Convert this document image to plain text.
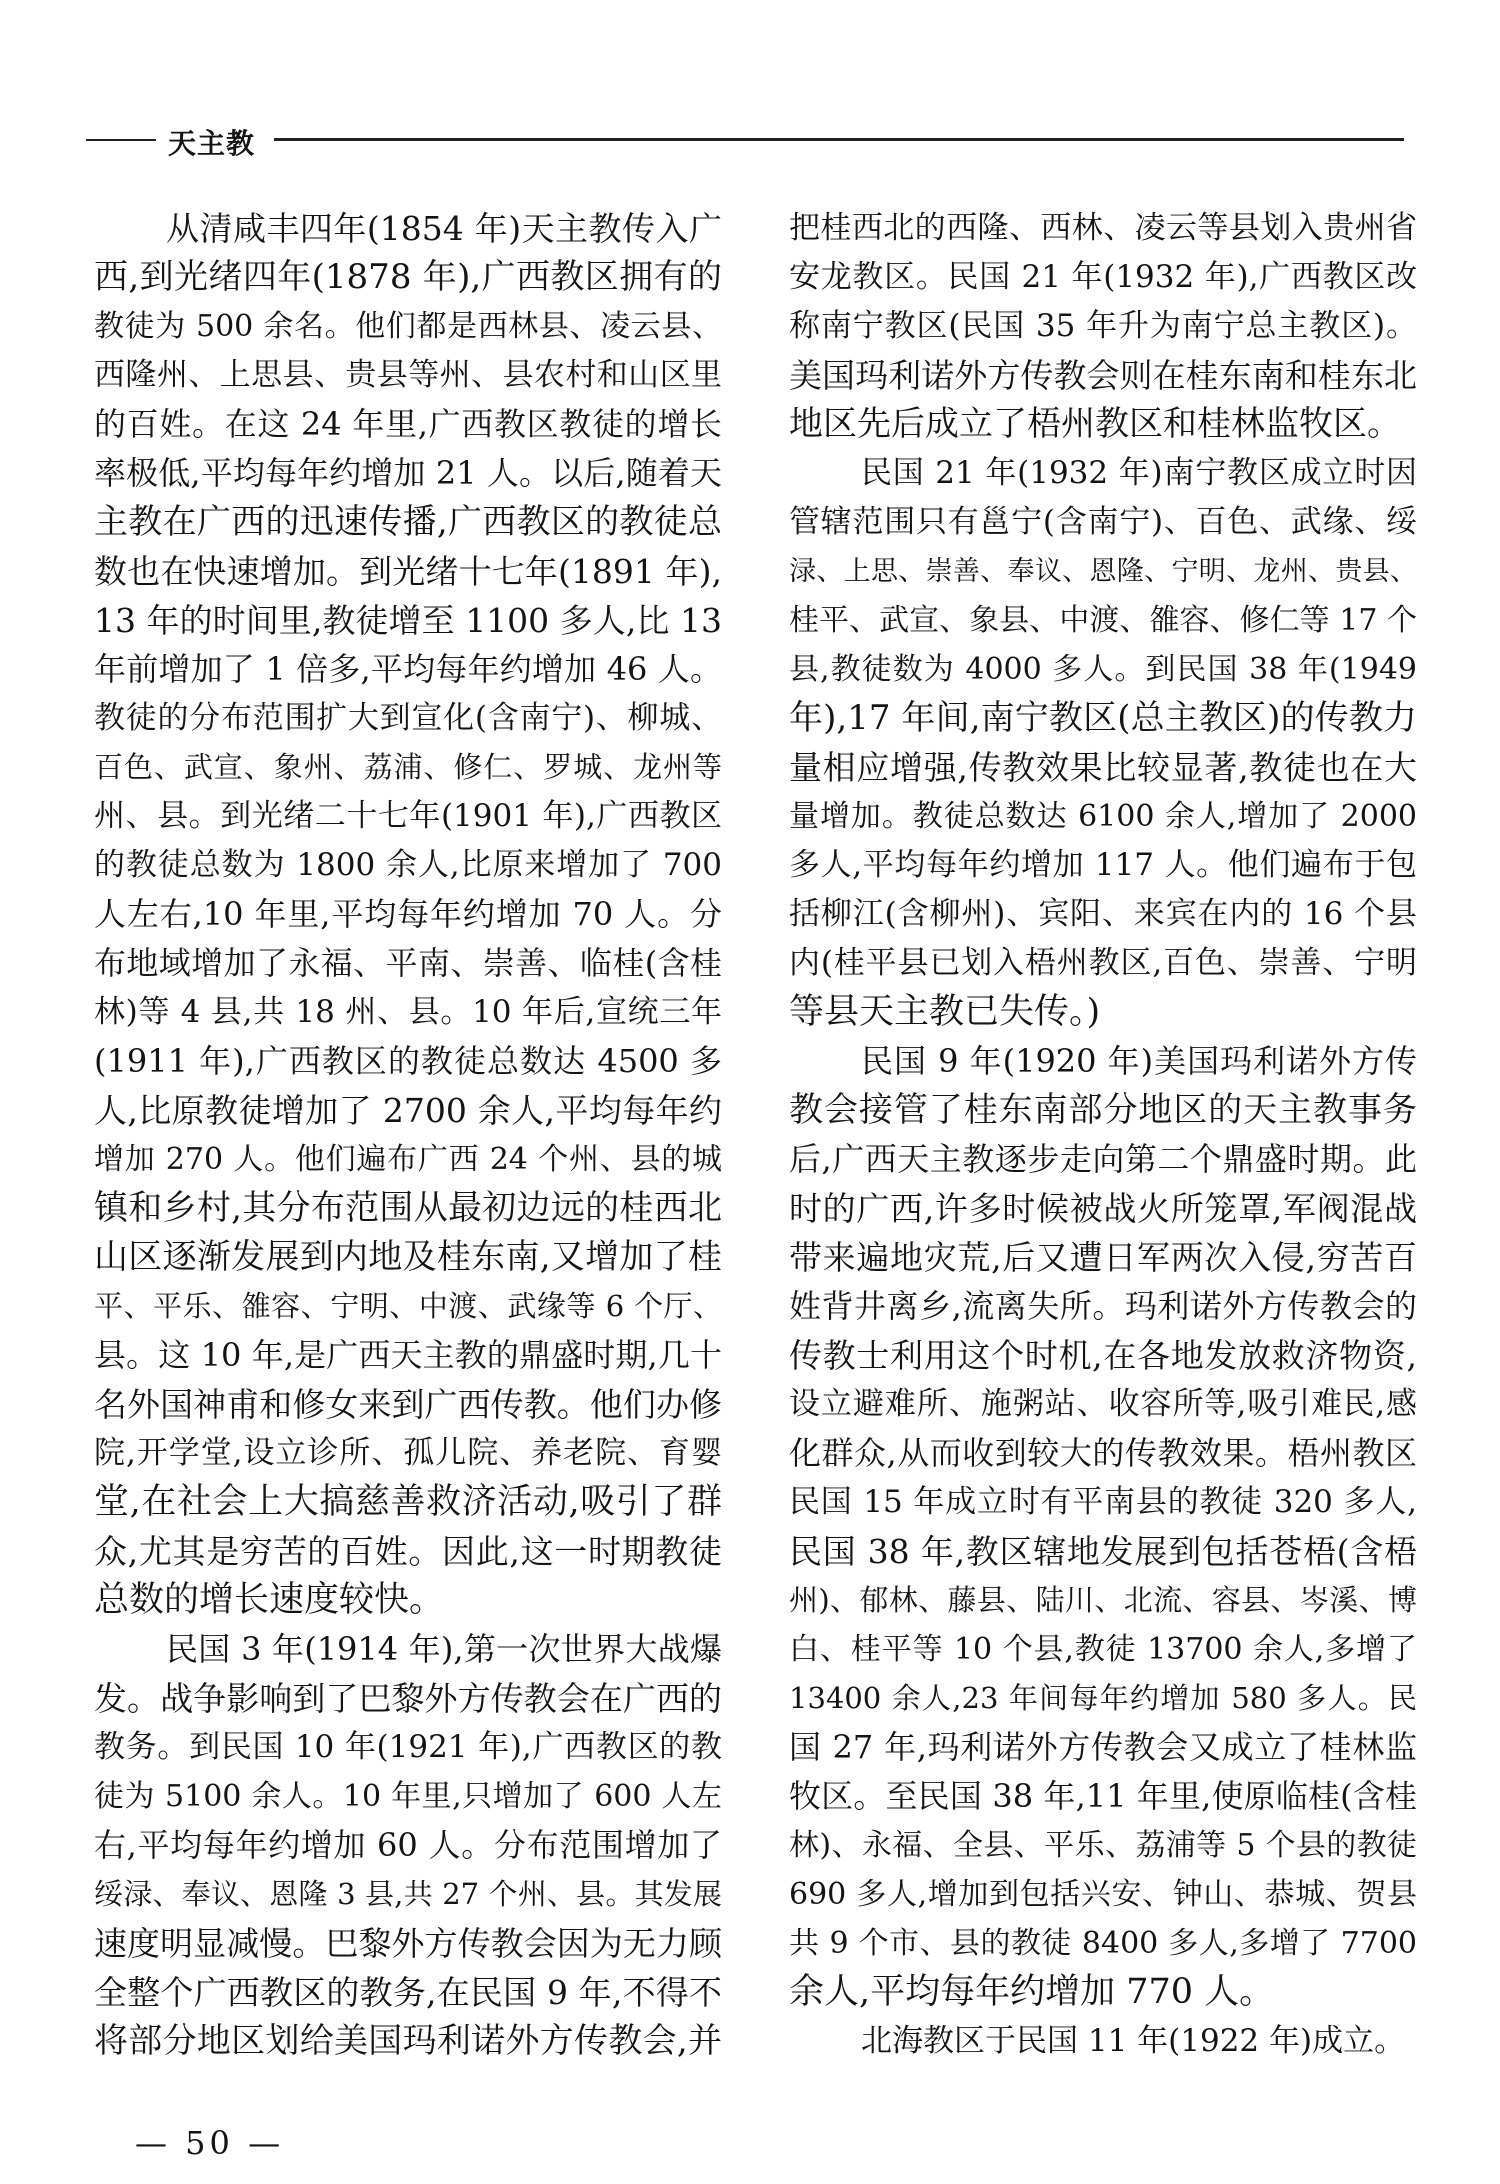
天主教
从清咸丰四年(1854 年)天主教传入广
西,到光绪四年(1878 年),广西教区拥有的
教徒为 500 余名。他们都是西林县、凌云县、
西隆州、上思县、贵县等州、县农村和山区里
的百姓。在这 24 年里,广西教区教徒的增长
率极低,平均每年约增加 21 人。以后,随着天
主教在广西的迅速传播,广西教区的教徒总
数也在快速增加。到光绪十七年(1891 年),
13 年的时间里,教徒增至 1100 多人,比 13
年前增加了 1 倍多,平均每年约增加 46 人。
教徒的分布范围扩大到宣化(含南宁)、柳城、
百色、武宣、象州、荔浦、修仁、罗城、龙州等
州、县。到光绪二十七年(1901 年),广西教区
的教徒总数为 1800 余人,比原来增加了 700
人左右,10 年里,平均每年约增加 70 人。分
布地域增加了永福、平南、崇善、临桂(含桂
林)等 4 县,共 18 州、县。10 年后,宣统三年
(1911 年),广西教区的教徒总数达 4500 多
人,比原教徒增加了 2700 余人,平均每年约
增加 270 人。他们遍布广西 24 个州、县的城
镇和乡村,其分布范围从最初边远的桂西北
山区逐渐发展到内地及桂东南,又增加了桂
平、平乐、雒容、宁明、中渡、武缘等 6 个厅、
县。这 10 年,是广西天主教的鼎盛时期,几十
名外国神甫和修女来到广西传教。他们办修
院,开学堂,设立诊所、孤儿院、养老院、育婴
堂,在社会上大搞慈善救济活动,吸引了群
众,尤其是穷苦的百姓。因此,这一时期教徒
总数的增长速度较快。
民国 3 年(1914 年),第一次世界大战爆
发。战争影响到了巴黎外方传教会在广西的
教务。到民国 10 年(1921 年),广西教区的教
徒为 5100 余人。10 年里,只增加了 600 人左
右,平均每年约增加 60 人。分布范围增加了
绥渌、奉议、恩隆 3 县,共 27 个州、县。其发展
速度明显减慢。巴黎外方传教会因为无力顾
全整个广西教区的教务,在民国 9 年,不得不
将部分地区划给美国玛利诺外方传教会,并
把桂西北的西隆、西林、凌云等县划入贵州省
安龙教区。民国 21 年(1932 年),广西教区改
称南宁教区(民国 35 年升为南宁总主教区)。
美国玛利诺外方传教会则在桂东南和桂东北
地区先后成立了梧州教区和桂林监牧区。
民国 21 年(1932 年)南宁教区成立时因
管辖范围只有邕宁(含南宁)、百色、武缘、绥
渌、上思、崇善、奉议、恩隆、宁明、龙州、贵县、
桂平、武宣、象县、中渡、雒容、修仁等 17 个
县,教徒数为 4000 多人。到民国 38 年(1949
年),17 年间,南宁教区(总主教区)的传教力
量相应增强,传教效果比较显著,教徒也在大
量增加。教徒总数达 6100 余人,增加了 2000
多人,平均每年约增加 117 人。他们遍布于包
括柳江(含柳州)、宾阳、来宾在内的 16 个县
内(桂平县已划入梧州教区,百色、崇善、宁明
等县天主教已失传。)
民国 9 年(1920 年)美国玛利诺外方传
教会接管了桂东南部分地区的天主教事务
后,广西天主教逐步走向第二个鼎盛时期。此
时的广西,许多时候被战火所笼罩,军阀混战
带来遍地灾荒,后又遭日军两次入侵,穷苦百
姓背井离乡,流离失所。玛利诺外方传教会的
传教士利用这个时机,在各地发放救济物资,
设立避难所、施粥站、收容所等,吸引难民,感
化群众,从而收到较大的传教效果。梧州教区
民国 15 年成立时有平南县的教徒 320 多人,
民国 38 年,教区辖地发展到包括苍梧(含梧
州)、郁林、藤县、陆川、北流、容县、岑溪、博
白、桂平等 10 个县,教徒 13700 余人,多增了
13400 余人,23 年间每年约增加 580 多人。民
国 27 年,玛利诺外方传教会又成立了桂林监
牧区。至民国 38 年,11 年里,使原临桂(含桂
林)、永福、全县、平乐、荔浦等 5 个县的教徒
690 多人,增加到包括兴安、钟山、恭城、贺县
共 9 个市、县的教徒 8400 多人,多增了 7700
余人,平均每年约增加 770 人。
北海教区于民国 11 年(1922 年)成立。
— 50 —
